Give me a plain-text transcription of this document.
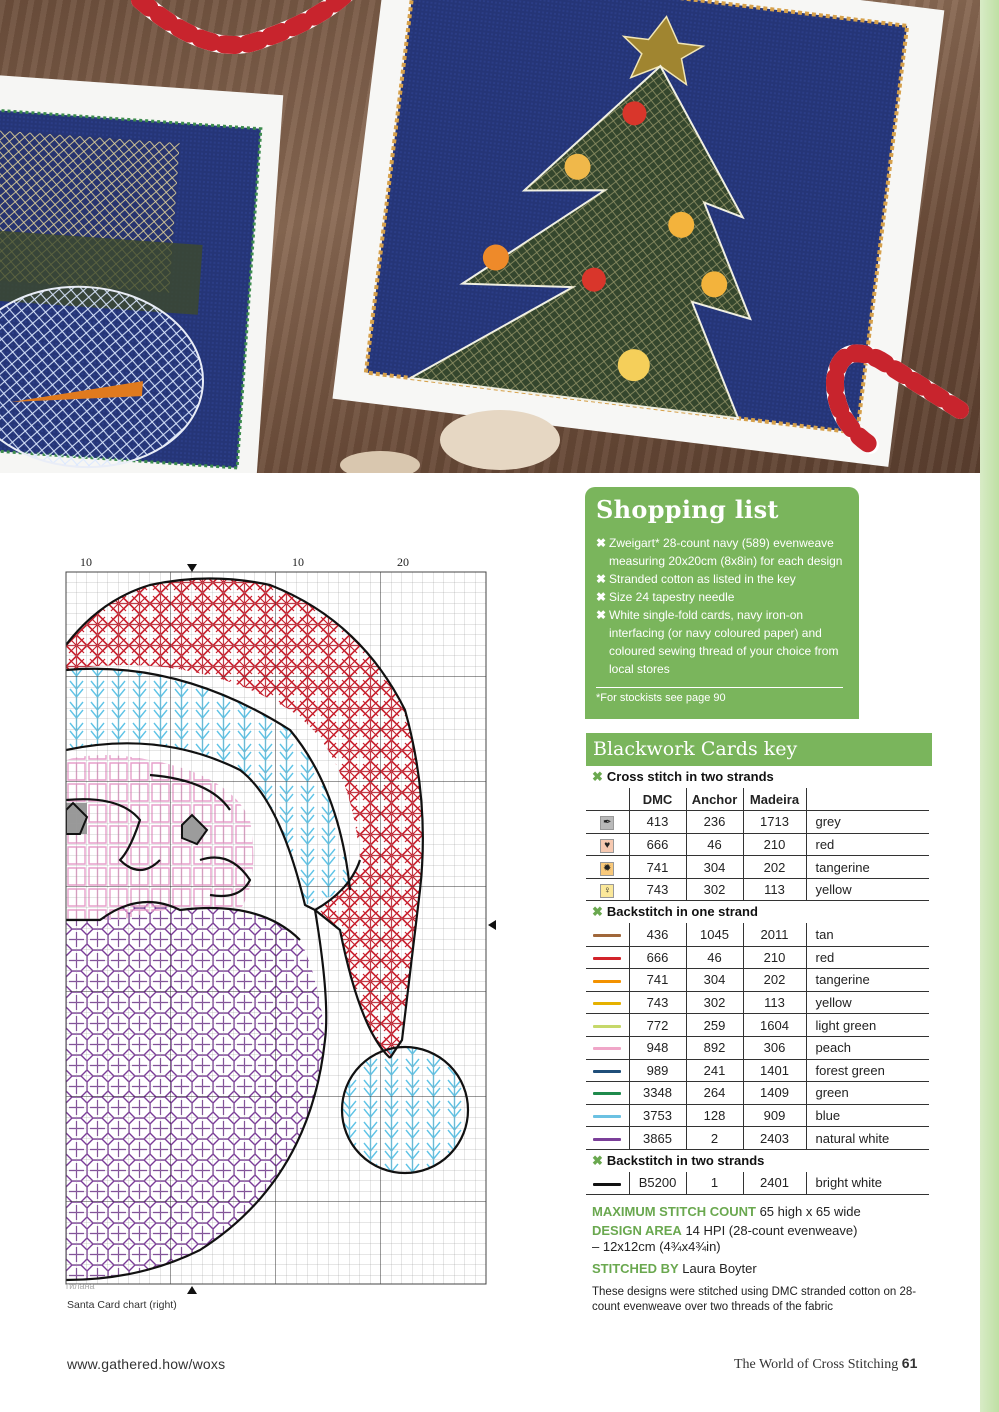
10	10	20
гилана
Santa Card chart (right)
Shopping list
✖ Zweigart* 28-count navy (589) evenweave measuring 20x20cm (8x8in) for each design
✖ Stranded cotton as listed in the key
✖ Size 24 tapestry needle
✖ White single-fold cards, navy iron-on interfacing (or navy coloured paper) and coloured sewing thread of your choice from local stores
*For stockists see page 90
Blackwork Cards key
✖ Cross stitch in two strands
	DMC	Anchor	Madeira	
✒	413	236	1713	grey
♥	666	46	210	red
✹	741	304	202	tangerine
♀	743	302	113	yellow
✖ Backstitch in one strand
	436	1045	2011	tan
	666	46	210	red
	741	304	202	tangerine
	743	302	113	yellow
	772	259	1604	light green
	948	892	306	peach
	989	241	1401	forest green
	3348	264	1409	green
	3753	128	909	blue
	3865	2	2403	natural white
✖ Backstitch in two strands
	B5200	1	2401	bright white
MAXIMUM STITCH COUNT 65 high x 65 wide
DESIGN AREA 14 HPI (28-count evenweave)
– 12x12cm (4¾x4¾in)
STITCHED BY Laura Boyter
These designs were stitched using DMC stranded cotton on 28-count evenweave over two threads of the fabric
www.gathered.how/woxs	The World of Cross Stitching 61
